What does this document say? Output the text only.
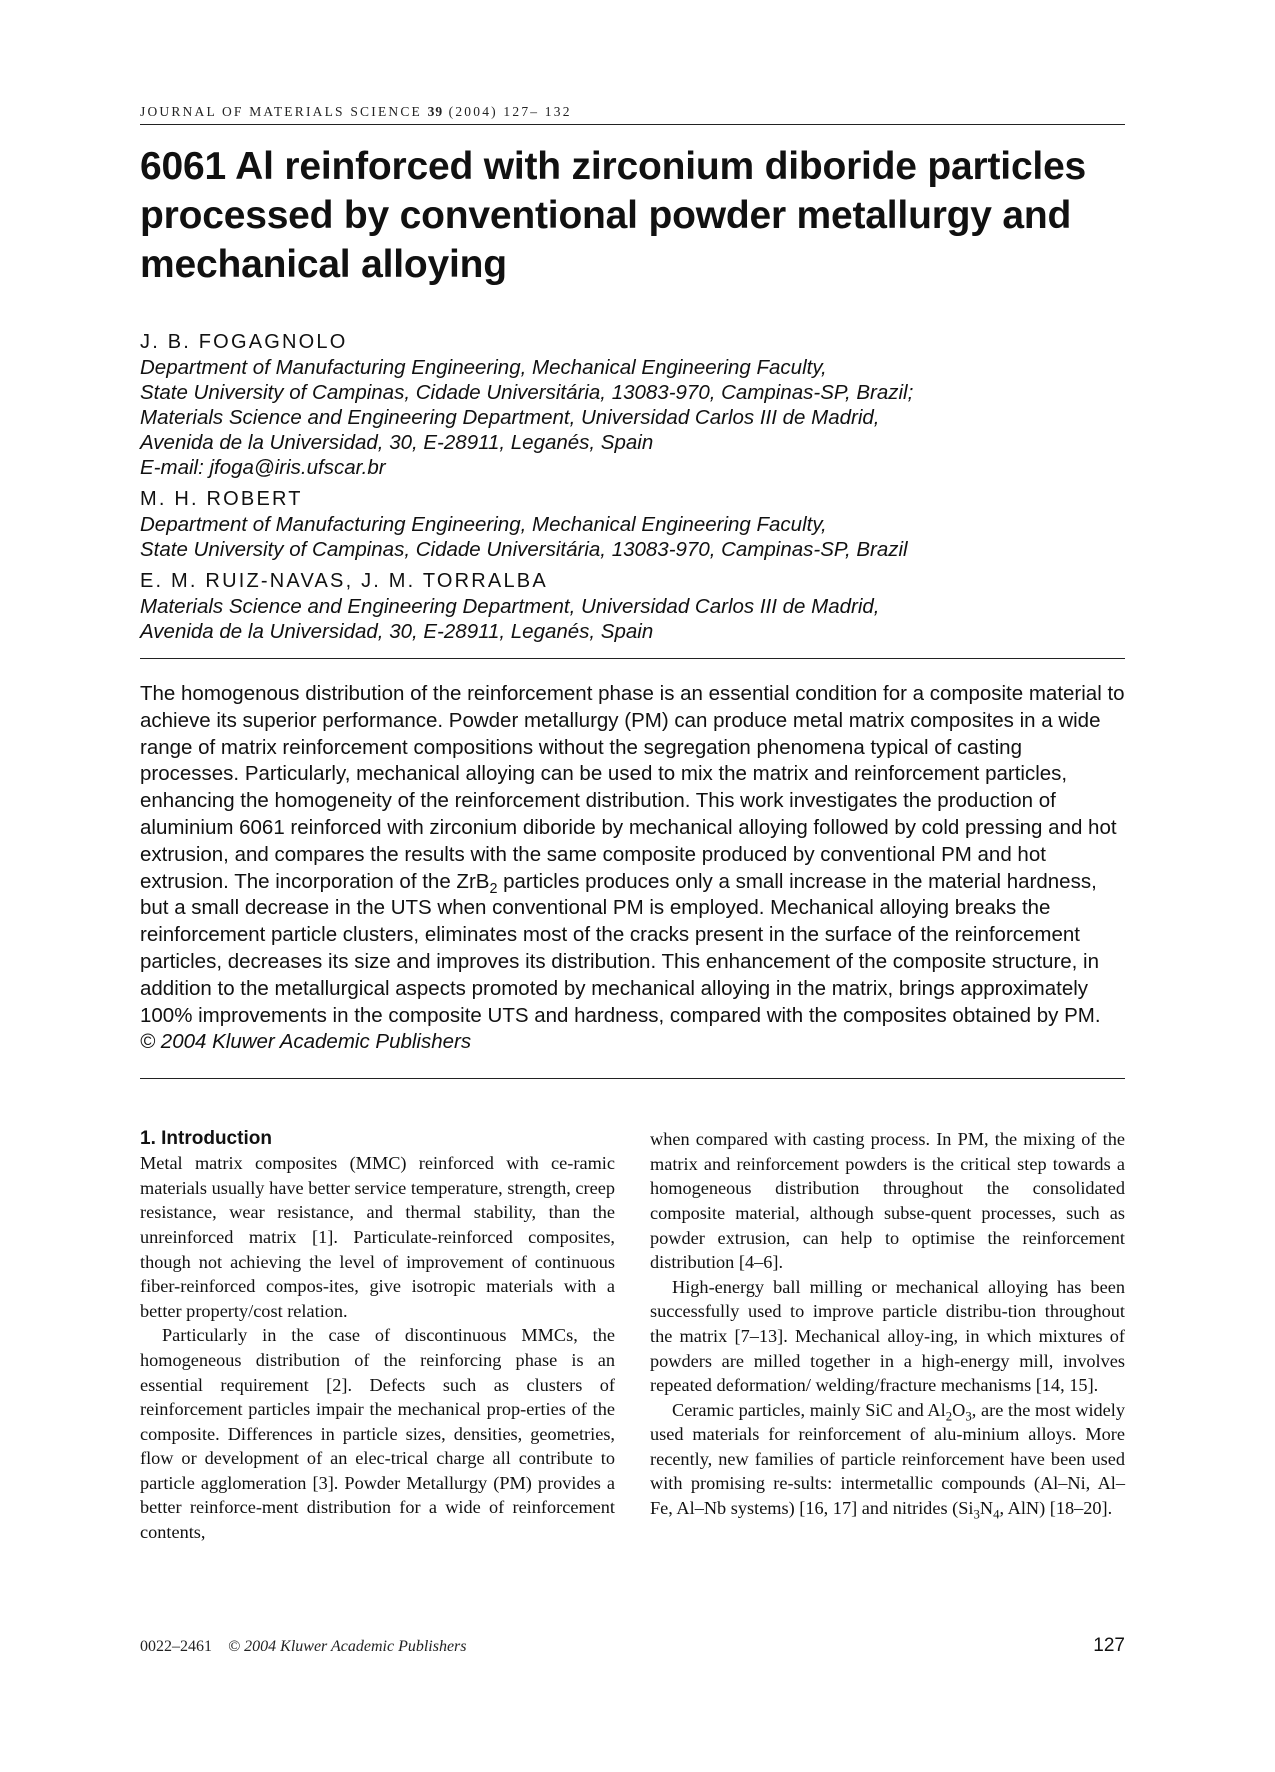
JOURNAL OF MATERIALS SCIENCE 39 (2004) 127– 132
6061 Al reinforced with zirconium diboride particles processed by conventional powder metallurgy and mechanical alloying
J. B. FOGAGNOLO
Department of Manufacturing Engineering, Mechanical Engineering Faculty,
State University of Campinas, Cidade Universitária, 13083-970, Campinas-SP, Brazil;
Materials Science and Engineering Department, Universidad Carlos III de Madrid,
Avenida de la Universidad, 30, E-28911, Leganés, Spain
E-mail: jfoga@iris.ufscar.br
M. H. ROBERT
Department of Manufacturing Engineering, Mechanical Engineering Faculty,
State University of Campinas, Cidade Universitária, 13083-970, Campinas-SP, Brazil
E. M. RUIZ-NAVAS, J. M. TORRALBA
Materials Science and Engineering Department, Universidad Carlos III de Madrid,
Avenida de la Universidad, 30, E-28911, Leganés, Spain
The homogenous distribution of the reinforcement phase is an essential condition for a composite material to achieve its superior performance. Powder metallurgy (PM) can produce metal matrix composites in a wide range of matrix reinforcement compositions without the segregation phenomena typical of casting processes. Particularly, mechanical alloying can be used to mix the matrix and reinforcement particles, enhancing the homogeneity of the reinforcement distribution. This work investigates the production of aluminium 6061 reinforced with zirconium diboride by mechanical alloying followed by cold pressing and hot extrusion, and compares the results with the same composite produced by conventional PM and hot extrusion. The incorporation of the ZrB$_2$ particles produces only a small increase in the material hardness, but a small decrease in the UTS when conventional PM is employed. Mechanical alloying breaks the reinforcement particle clusters, eliminates most of the cracks present in the surface of the reinforcement particles, decreases its size and improves its distribution. This enhancement of the composite structure, in addition to the metallurgical aspects promoted by mechanical alloying in the matrix, brings approximately 100% improvements in the composite UTS and hardness, compared with the composites obtained by PM.  © 2004 Kluwer Academic Publishers
1. Introduction

Metal matrix composites (MMC) reinforced with ce-ramic materials usually have better service temperature, strength, creep resistance, wear resistance, and thermal stability, than the unreinforced matrix [1]. Particulate-reinforced composites, though not achieving the level of improvement of continuous fiber-reinforced compos-ites, give isotropic materials with a better property/cost relation.

Particularly in the case of discontinuous MMCs, the homogeneous distribution of the reinforcing phase is an essential requirement [2]. Defects such as clusters of reinforcement particles impair the mechanical prop-erties of the composite. Differences in particle sizes, densities, geometries, flow or development of an elec-trical charge all contribute to particle agglomeration [3]. Powder Metallurgy (PM) provides a better reinforce-ment distribution for a wide of reinforcement contents,

when compared with casting process. In PM, the mixing of the matrix and reinforcement powders is the critical step towards a homogeneous distribution throughout the consolidated composite material, although subse-quent processes, such as powder extrusion, can help to optimise the reinforcement distribution [4–6].

High-energy ball milling or mechanical alloying has been successfully used to improve particle distribu-tion throughout the matrix [7–13]. Mechanical alloy-ing, in which mixtures of powders are milled together in a high-energy mill, involves repeated deformation/ welding/fracture mechanisms [14, 15].

Ceramic particles, mainly SiC and $Al_2O_3$, are the most widely used materials for reinforcement of alu-minium alloys. More recently, new families of particle reinforcement have been used with promising re-sults: intermetallic compounds (Al–Ni, Al–Fe, Al–Nb systems) [16, 17] and nitrides ($Si_3N_4$, AlN) [18–20].

0022–2461 © 2004 Kluwer Academic Publishers	127
